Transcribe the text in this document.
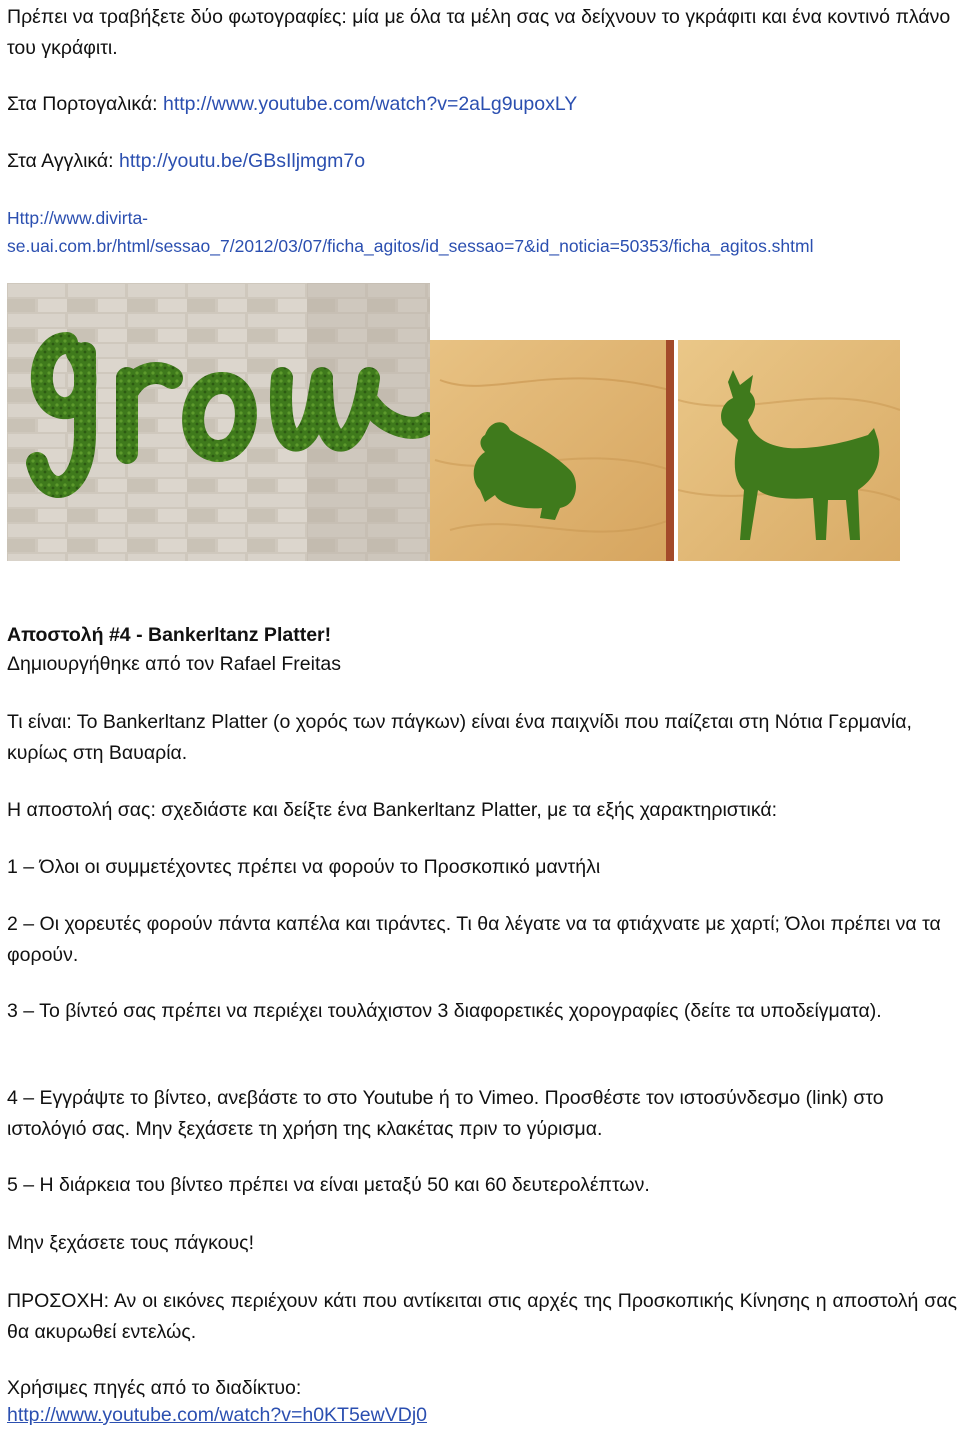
Πρέπει να τραβήξετε δύο φωτογραφίες: μία με όλα τα μέλη σας να δείχνουν το γκράφιτι και ένα κοντινό πλάνο του γκράφιτι.

Στα Πορτογαλικά: http://www.youtube.com/watch?v=2aLg9upoxLY

Στα Αγγλικά: http://youtu.be/GBsIljmgm7o

Http://www.divirta-
se.uai.com.br/html/sessao_7/2012/03/07/ficha_agitos/id_sessao=7&id_noticia=50353/ficha_agitos.shtml

Αποστολή #4 - Bankerltanz Platter!

Δημιουργήθηκε από τον Rafael Freitas

Τι είναι: Το Bankerltanz Platter (ο χορός των πάγκων) είναι ένα παιχνίδι που παίζεται στη Νότια Γερμανία, κυρίως στη Βαυαρία.

Η αποστολή σας: σχεδιάστε και δείξτε ένα Bankerltanz Platter, με τα εξής χαρακτηριστικά:

1 – Όλοι οι συμμετέχοντες πρέπει να φορούν το Προσκοπικό μαντήλι

2 – Οι χορευτές φορούν πάντα καπέλα και τιράντες. Τι θα λέγατε να τα φτιάχνατε με χαρτί; Όλοι πρέπει να τα φορούν.

3 – Το βίντεό σας πρέπει να περιέχει τουλάχιστον 3 διαφορετικές χορογραφίες (δείτε τα υποδείγματα).

4 – Εγγράψτε το βίντεο, ανεβάστε το στο Youtube ή το Vimeo. Προσθέστε τον ιστοσύνδεσμο (link) στο ιστολόγιό σας. Μην ξεχάσετε τη χρήση της κλακέτας πριν το γύρισμα.

5 – Η διάρκεια του βίντεο πρέπει να είναι μεταξύ 50 και 60 δευτερολέπτων.

Μην ξεχάσετε τους πάγκους!

ΠΡΟΣΟΧΗ: Αν οι εικόνες περιέχουν κάτι που αντίκειται στις αρχές της Προσκοπικής Κίνησης η αποστολή σας θα ακυρωθεί εντελώς.

Χρήσιμες πηγές από το διαδίκτυο:

http://www.youtube.com/watch?v=h0KT5ewVDj0
